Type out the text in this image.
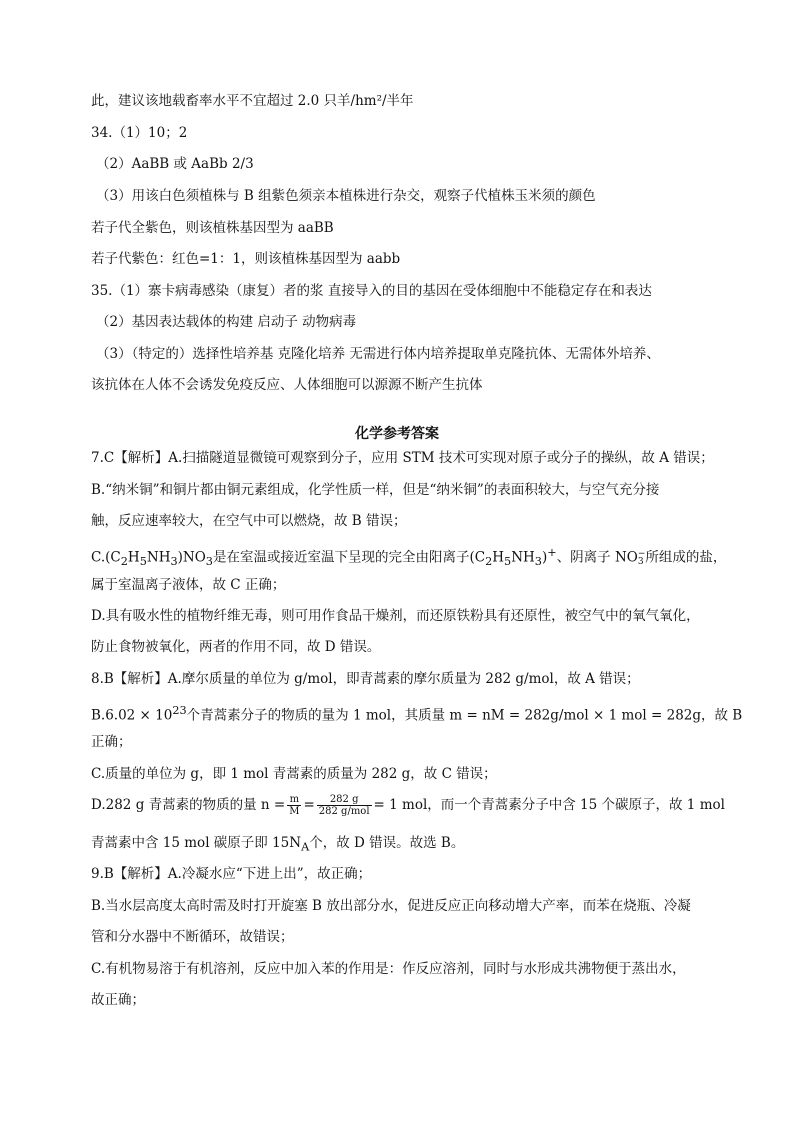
此，建议该地载畜率水平不宜超过 2.0 只羊/hm²/半年
34.（1）10；2
（2）AaBB 或 AaBb 2/3
（3）用该白色须植株与 B 组紫色须亲本植株进行杂交，观察子代植株玉米须的颜色
若子代全紫色，则该植株基因型为 aaBB
若子代紫色：红色=1：1，则该植株基因型为 aabb
35.（1）寨卡病毒感染（康复）者的浆 直接导入的目的基因在受体细胞中不能稳定存在和表达
（2）基因表达载体的构建 启动子 动物病毒
（3）（特定的）选择性培养基 克隆化培养 无需进行体内培养提取单克隆抗体、无需体外培养、
该抗体在人体不会诱发免疫反应、人体细胞可以源源不断产生抗体
化学参考答案
7.C【解析】A.扫描隧道显微镜可观察到分子，应用 STM 技术可实现对原子或分子的操纵，故 A 错误；
B.“纳米铜”和铜片都由铜元素组成，化学性质一样，但是“纳米铜”的表面积较大，与空气充分接
触，反应速率较大，在空气中可以燃烧，故 B 错误；
$C.(C_2H_5NH_3)NO_3$是在室温或接近室温下呈现的完全由阳离子$(C_2H_5NH_3)^+$、阴离子 NO −
3 所组成的盐，
属于室温离子液体，故 C 正确；
D.具有吸水性的植物纤维无毒，则可用作食品干燥剂，而还原铁粉具有还原性，被空气中的氧气氧化，
防止食物被氧化，两者的作用不同，故 D 错误。
8.B【解析】A.摩尔质量的单位为 g/mol，即青蒿素的摩尔质量为 282 g/mol，故 A 错误；
$B.6.02 \times 10^{23}$个青蒿素分子的物质的量为 1 mol，其质量 m = nM = 282g/mol × 1 mol = 282g，故 B
正确；
C.质量的单位为 g，即 1 mol 青蒿素的质量为 282 g，故 C 错误；
D.282 g 青蒿素的物质的量 $n = \frac{m}{M} = \frac{282 g}{\text{282 g/mol}} = 1$ mol，而一个青蒿素分子中含 15 个碳原子，故 1 mol
青蒿素中含 15 mol 碳原子即 $15N_A$个，故 D 错误。故选 B。
9.B【解析】A.冷凝水应“下进上出”，故正确；
B.当水层高度太高时需及时打开旋塞 B 放出部分水，促进反应正向移动增大产率，而苯在烧瓶、冷凝
管和分水器中不断循环，故错误；
C.有机物易溶于有机溶剂，反应中加入苯的作用是：作反应溶剂，同时与水形成共沸物便于蒸出水，
故正确；
